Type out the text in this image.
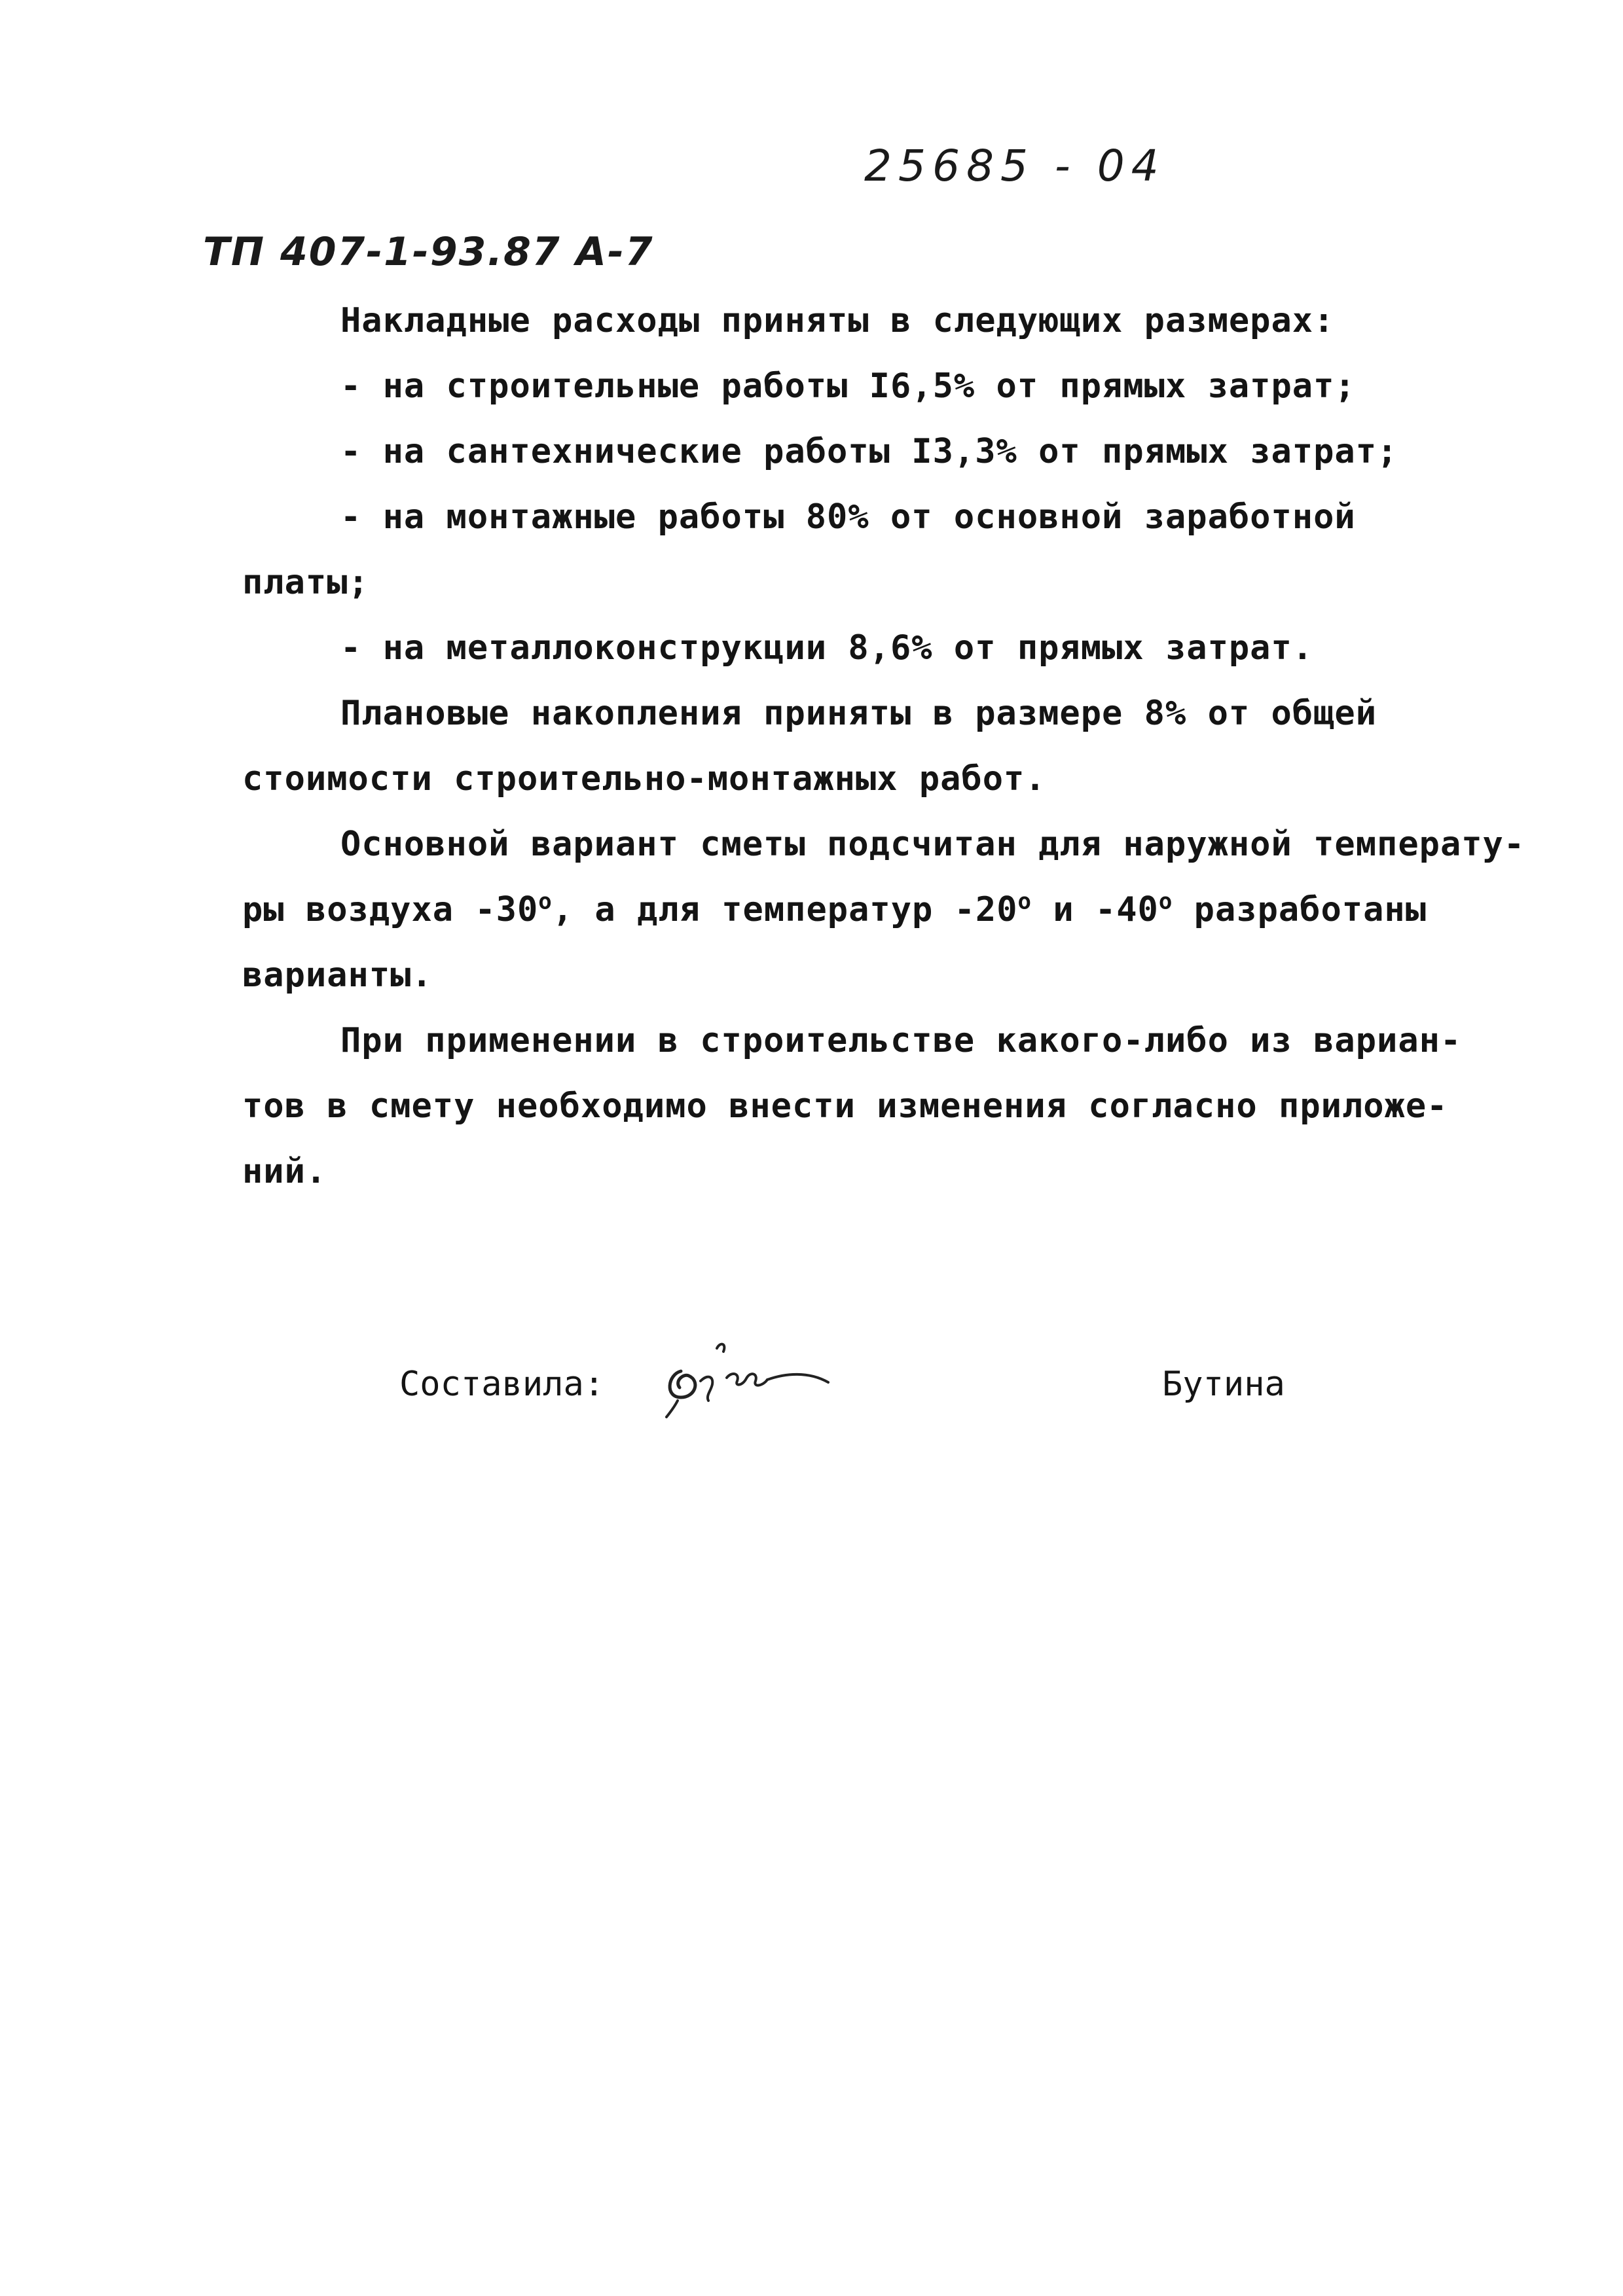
25685 - 04
ТП 407-1-93.87 А-7
Накладные расходы приняты в следующих размерах:
- на строительные работы I6,5% от прямых затрат;
- на сантехнические работы I3,3% от прямых затрат;
- на монтажные работы 80% от основной заработной
платы;
- на металлоконструкции 8,6% от прямых затрат.
Плановые накопления приняты в размере 8% от общей
стоимости строительно-монтажных работ.
Основной вариант сметы подсчитан для наружной температу-
ры воздуха $-30^о$, а для температур $-20^о$ и $-40^о$ разработаны
варианты.
При применении в строительстве какого-либо из вариан-
тов в смету необходимо внести изменения согласно приложе-
ний.
Составила:	Бутина
